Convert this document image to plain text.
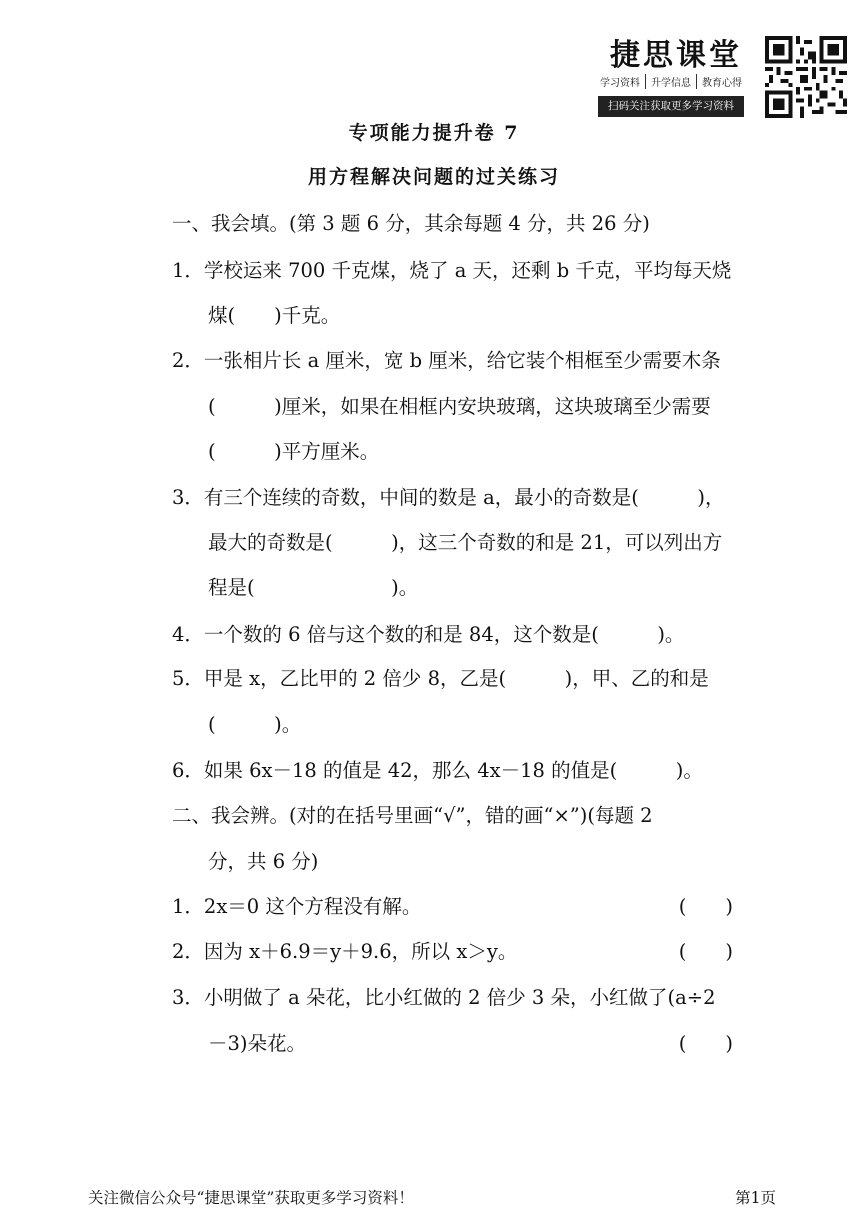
捷思课堂
学习资料	升学信息	教育心得
扫码关注获取更多学习资料
专项能力提升卷 7
用方程解决问题的过关练习
一、我会填。(第 3 题 6 分，其余每题 4 分，共 26 分)
1．学校运来 700 千克煤，烧了 a 天，还剩 b 千克，平均每天烧
煤(　　)千克。
2．一张相片长 a 厘米，宽 b 厘米，给它装个相框至少需要木条
(　　　)厘米，如果在相框内安块玻璃，这块玻璃至少需要
(　　　)平方厘米。
3．有三个连续的奇数，中间的数是 a，最小的奇数是(　　　)，
最大的奇数是(　　　)，这三个奇数的和是 21，可以列出方
程是(　　　　　　　)。
4．一个数的 6 倍与这个数的和是 84，这个数是(　　　)。
5．甲是 x，乙比甲的 2 倍少 8，乙是(　　　)，甲、乙的和是
(　　　)。
6．如果 6x－18 的值是 42，那么 4x－18 的值是(　　　)。
二、我会辨。(对的在括号里画“√”，错的画“×”)(每题 2
分，共 6 分)
1．2x＝0 这个方程没有解。	(　　)
2．因为 x＋6.9＝y＋9.6，所以 x＞y。	(　　)
3．小明做了 a 朵花，比小红做的 2 倍少 3 朵，小红做了(a÷2
－3)朵花。	(　　)
关注微信公众号“捷思课堂”获取更多学习资料！	第1页
